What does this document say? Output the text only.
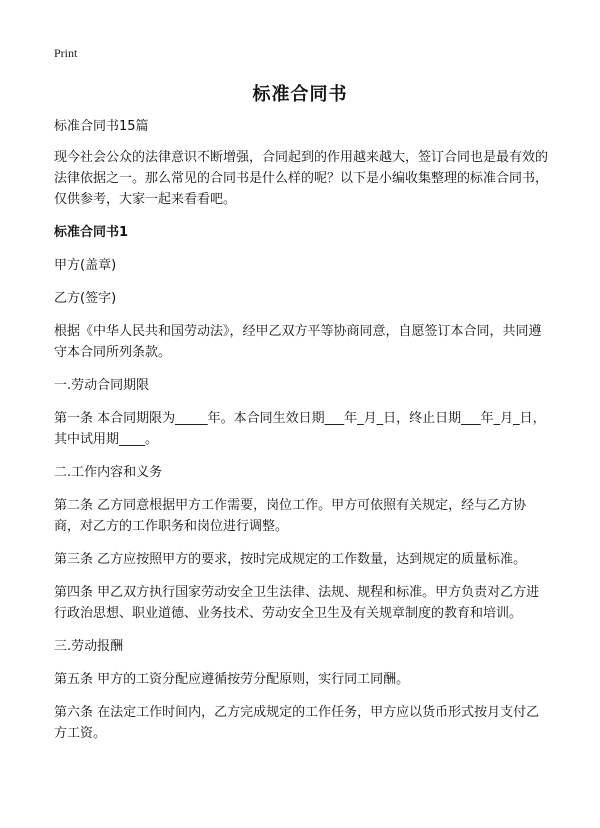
Print
标准合同书

标准合同书15篇

现今社会公众的法律意识不断增强，合同起到的作用越来越大，签订合同也是最有效的法律依据之一。那么常见的合同书是什么样的呢？以下是小编收集整理的标准合同书，仅供参考，大家一起来看看吧。

标准合同书1

甲方(盖章)

乙方(签字)

根据《中华人民共和国劳动法》，经甲乙双方平等协商同意，自愿签订本合同，共同遵守本合同所列条款。

一.劳动合同期限

第一条 本合同期限为_____年。本合同生效日期___年_月_日，终止日期___年_月_日，其中试用期____。

二.工作内容和义务

第二条 乙方同意根据甲方工作需要，岗位工作。甲方可依照有关规定，经与乙方协商，对乙方的工作职务和岗位进行调整。

第三条 乙方应按照甲方的要求，按时完成规定的工作数量，达到规定的质量标准。

第四条 甲乙双方执行国家劳动安全卫生法律、法规、规程和标准。甲方负责对乙方进行政治思想、职业道德、业务技术、劳动安全卫生及有关规章制度的教育和培训。

三.劳动报酬

第五条 甲方的工资分配应遵循按劳分配原则，实行同工同酬。

第六条 在法定工作时间内，乙方完成规定的工作任务，甲方应以货币形式按月支付乙方工资。
